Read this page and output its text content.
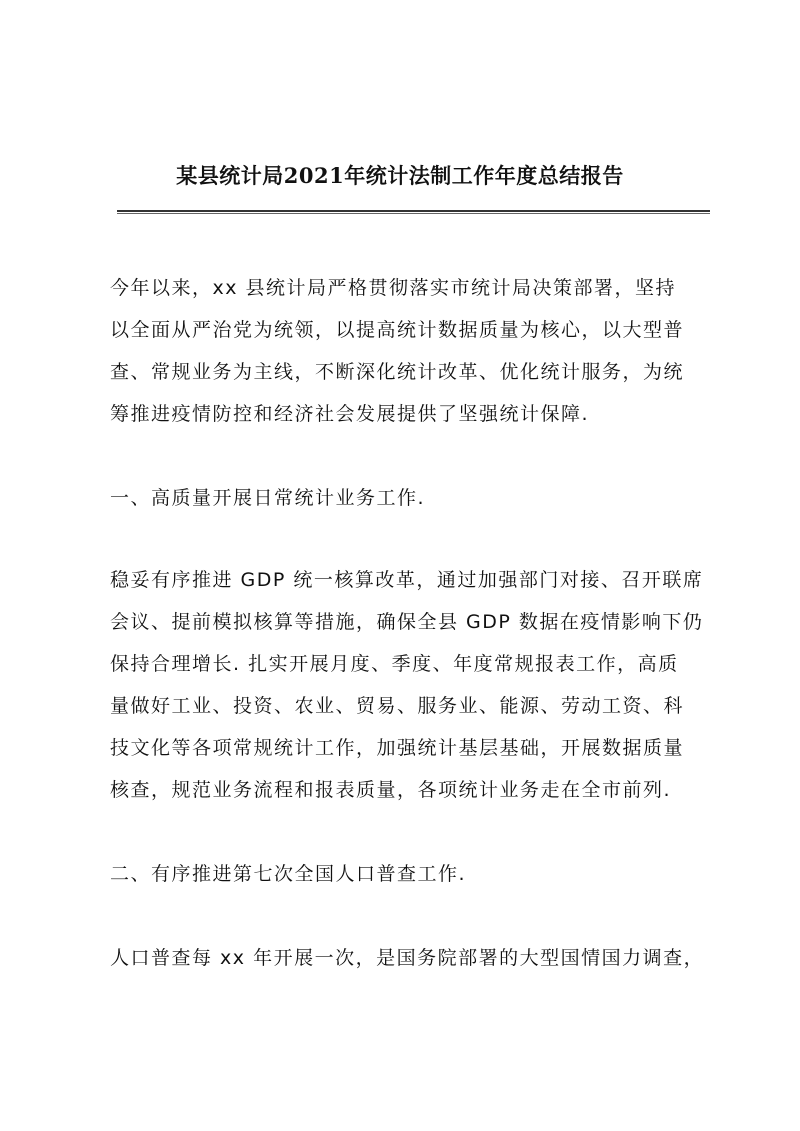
某县统计局2021年统计法制工作年度总结报告
今年以来，xx 县统计局严格贯彻落实市统计局决策部署，坚持
以全面从严治党为统领，以提高统计数据质量为核心，以大型普
查、常规业务为主线，不断深化统计改革、优化统计服务，为统
筹推进疫情防控和经济社会发展提供了坚强统计保障.
一、高质量开展日常统计业务工作.
稳妥有序推进 GDP 统一核算改革，通过加强部门对接、召开联席
会议、提前模拟核算等措施，确保全县 GDP 数据在疫情影响下仍
保持合理增长. 扎实开展月度、季度、年度常规报表工作，高质
量做好工业、投资、农业、贸易、服务业、能源、劳动工资、科
技文化等各项常规统计工作，加强统计基层基础，开展数据质量
核查，规范业务流程和报表质量，各项统计业务走在全市前列.
二、有序推进第七次全国人口普查工作.
人口普查每 xx 年开展一次，是国务院部署的大型国情国力调查，
